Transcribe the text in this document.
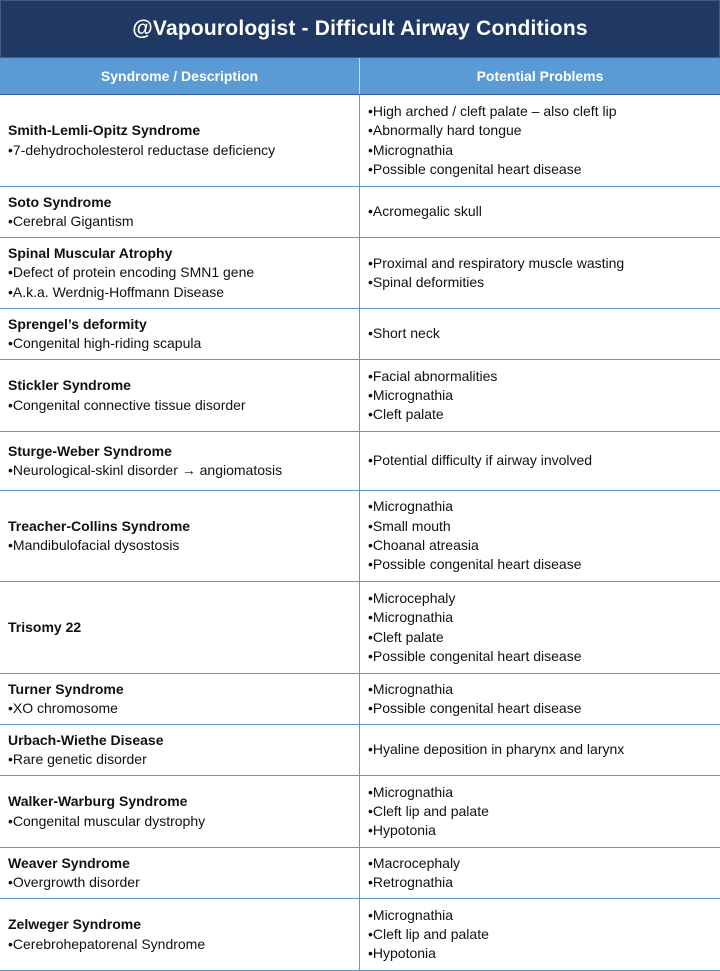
@Vapourologist - Difficult Airway Conditions
Syndrome / Description	Potential Problems
Smith-Lemli-Opitz Syndrome
•7-dehydrocholesterol reductase deficiency
•High arched / cleft palate – also cleft lip
•Abnormally hard tongue
•Micrognathia
•Possible congenital heart disease
Soto Syndrome
•Cerebral Gigantism
•Acromegalic skull
Spinal Muscular Atrophy
•Defect of protein encoding SMN1 gene
•A.k.a. Werdnig-Hoffmann Disease
•Proximal and respiratory muscle wasting
•Spinal deformities
Sprengel’s deformity
•Congenital high-riding scapula
•Short neck
Stickler Syndrome
•Congenital connective tissue disorder
•Facial abnormalities
•Micrognathia
•Cleft palate
Sturge-Weber Syndrome
•Neurological-skinl disorder → angiomatosis
•Potential difficulty if airway involved
Treacher-Collins Syndrome
•Mandibulofacial dysostosis
•Micrognathia
•Small mouth
•Choanal atreasia
•Possible congenital heart disease
Trisomy 22
•Microcephaly
•Micrognathia
•Cleft palate
•Possible congenital heart disease
Turner Syndrome
•XO chromosome
•Micrognathia
•Possible congenital heart disease
Urbach-Wiethe Disease
•Rare genetic disorder
•Hyaline deposition in pharynx and larynx
Walker-Warburg Syndrome
•Congenital muscular dystrophy
•Micrognathia
•Cleft lip and palate
•Hypotonia
Weaver Syndrome
•Overgrowth disorder
•Macrocephaly
•Retrognathia
Zelweger Syndrome
•Cerebrohepatorenal Syndrome
•Micrognathia
•Cleft lip and palate
•Hypotonia
